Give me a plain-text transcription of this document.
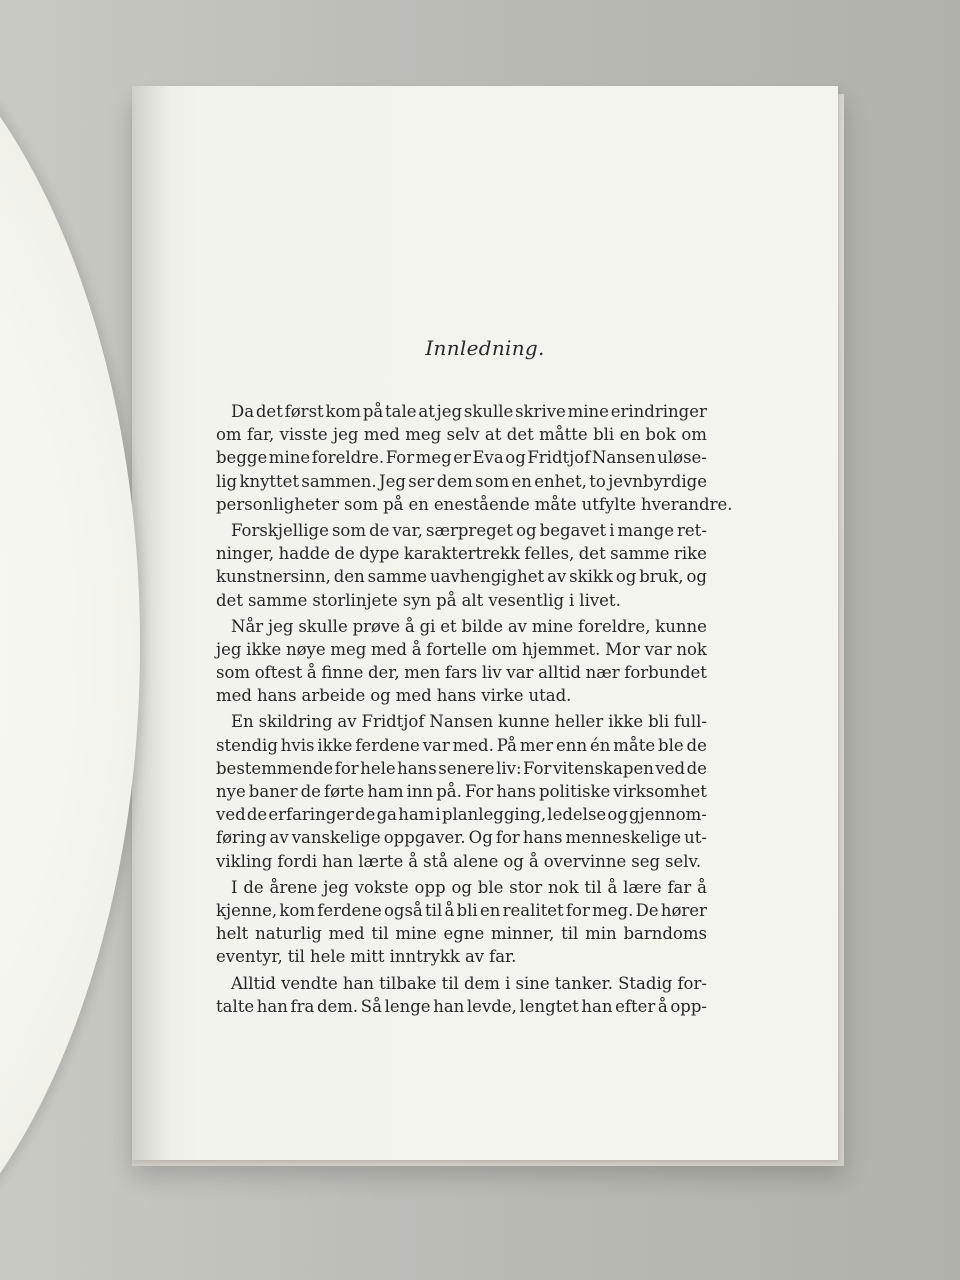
Innledning.
Da det først kom på tale at jeg skulle skrive mine erindringer
om far, visste jeg med meg selv at det måtte bli en bok om
begge mine foreldre. For meg er Eva og Fridtjof Nansen uløse-
lig knyttet sammen. Jeg ser dem som en enhet, to jevnbyrdige
personligheter som på en enestående måte utfylte hverandre.
Forskjellige som de var, særpreget og begavet i mange ret-
ninger, hadde de dype karaktertrekk felles, det samme rike
kunstnersinn, den samme uavhengighet av skikk og bruk, og
det samme storlinjete syn på alt vesentlig i livet.
Når jeg skulle prøve å gi et bilde av mine foreldre, kunne
jeg ikke nøye meg med å fortelle om hjemmet. Mor var nok
som oftest å finne der, men fars liv var alltid nær forbundet
med hans arbeide og med hans virke utad.
En skildring av Fridtjof Nansen kunne heller ikke bli full-
stendig hvis ikke ferdene var med. På mer enn én måte ble de
bestemmende for hele hans senere liv: For vitenskapen ved de
nye baner de førte ham inn på. For hans politiske virksomhet
ved de erfaringer de ga ham i planlegging, ledelse og gjennom-
føring av vanskelige oppgaver. Og for hans menneskelige ut-
vikling fordi han lærte å stå alene og å overvinne seg selv.
I de årene jeg vokste opp og ble stor nok til å lære far å
kjenne, kom ferdene også til å bli en realitet for meg. De hører
helt naturlig med til mine egne minner, til min barndoms
eventyr, til hele mitt inntrykk av far.
Alltid vendte han tilbake til dem i sine tanker. Stadig for-
talte han fra dem. Så lenge han levde, lengtet han efter å opp-
